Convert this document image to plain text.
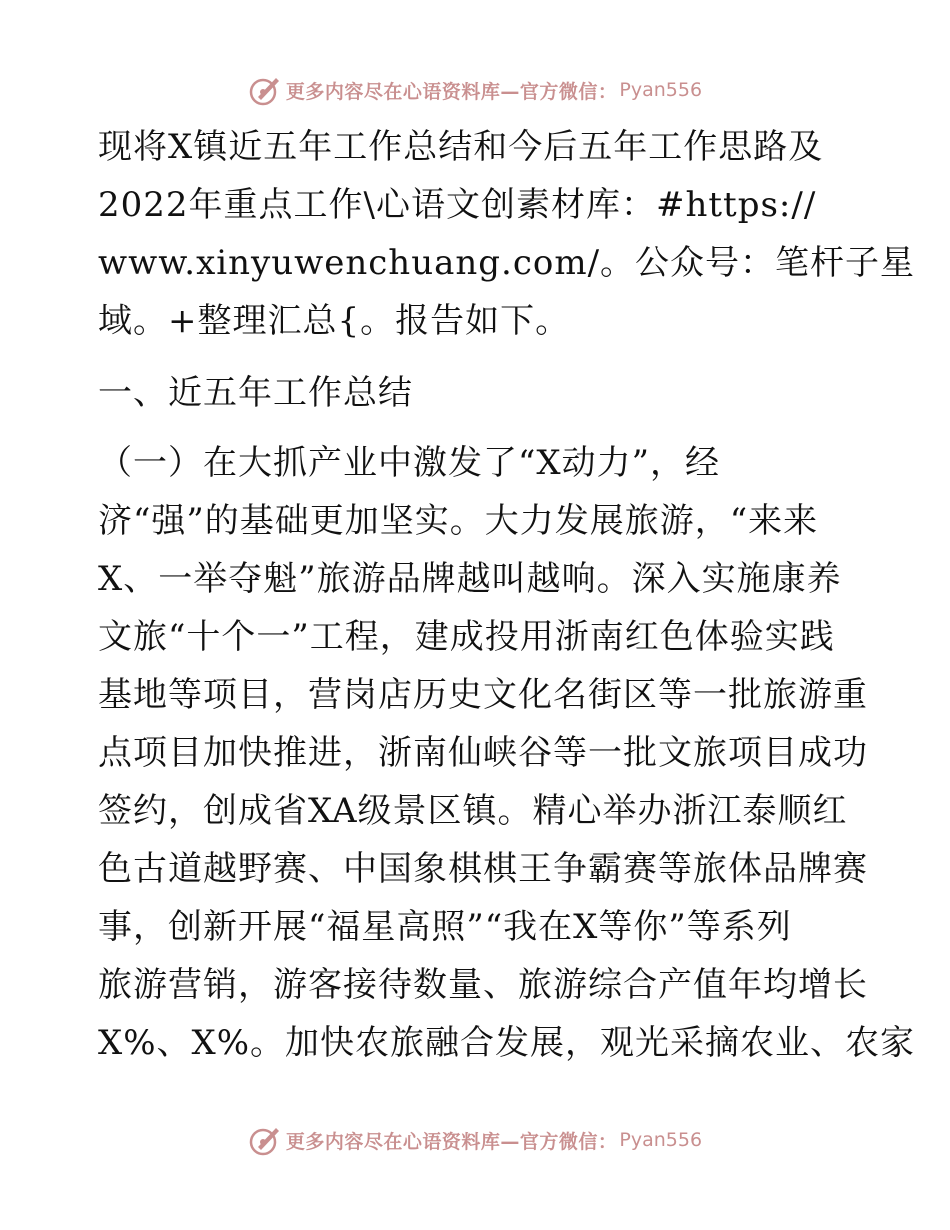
更多内容尽在心语资料库—官方微信： Pyan556
现将X镇近五年工作总结和今后五年工作思路及
2022年重点工作\心语文创素材库：#https://
www.xinyuwenchuang.com/。公众号：笔杆子星
域。+整理汇总{。报告如下。
一、近五年工作总结
（一）在大抓产业中激发了“X动力”，经
济“强”的基础更加坚实。大力发展旅游，“来来
X、一举夺魁”旅游品牌越叫越响。深入实施康养
文旅“十个一”工程，建成投用浙南红色体验实践
基地等项目，营岗店历史文化名街区等一批旅游重
点项目加快推进，浙南仙峡谷等一批文旅项目成功
签约，创成省XA级景区镇。精心举办浙江泰顺红
色古道越野赛、中国象棋棋王争霸赛等旅体品牌赛
事，创新开展“福星高照”“我在X等你”等系列
旅游营销，游客接待数量、旅游综合产值年均增长
X%、X%。加快农旅融合发展，观光采摘农业、农家
更多内容尽在心语资料库—官方微信： Pyan556
